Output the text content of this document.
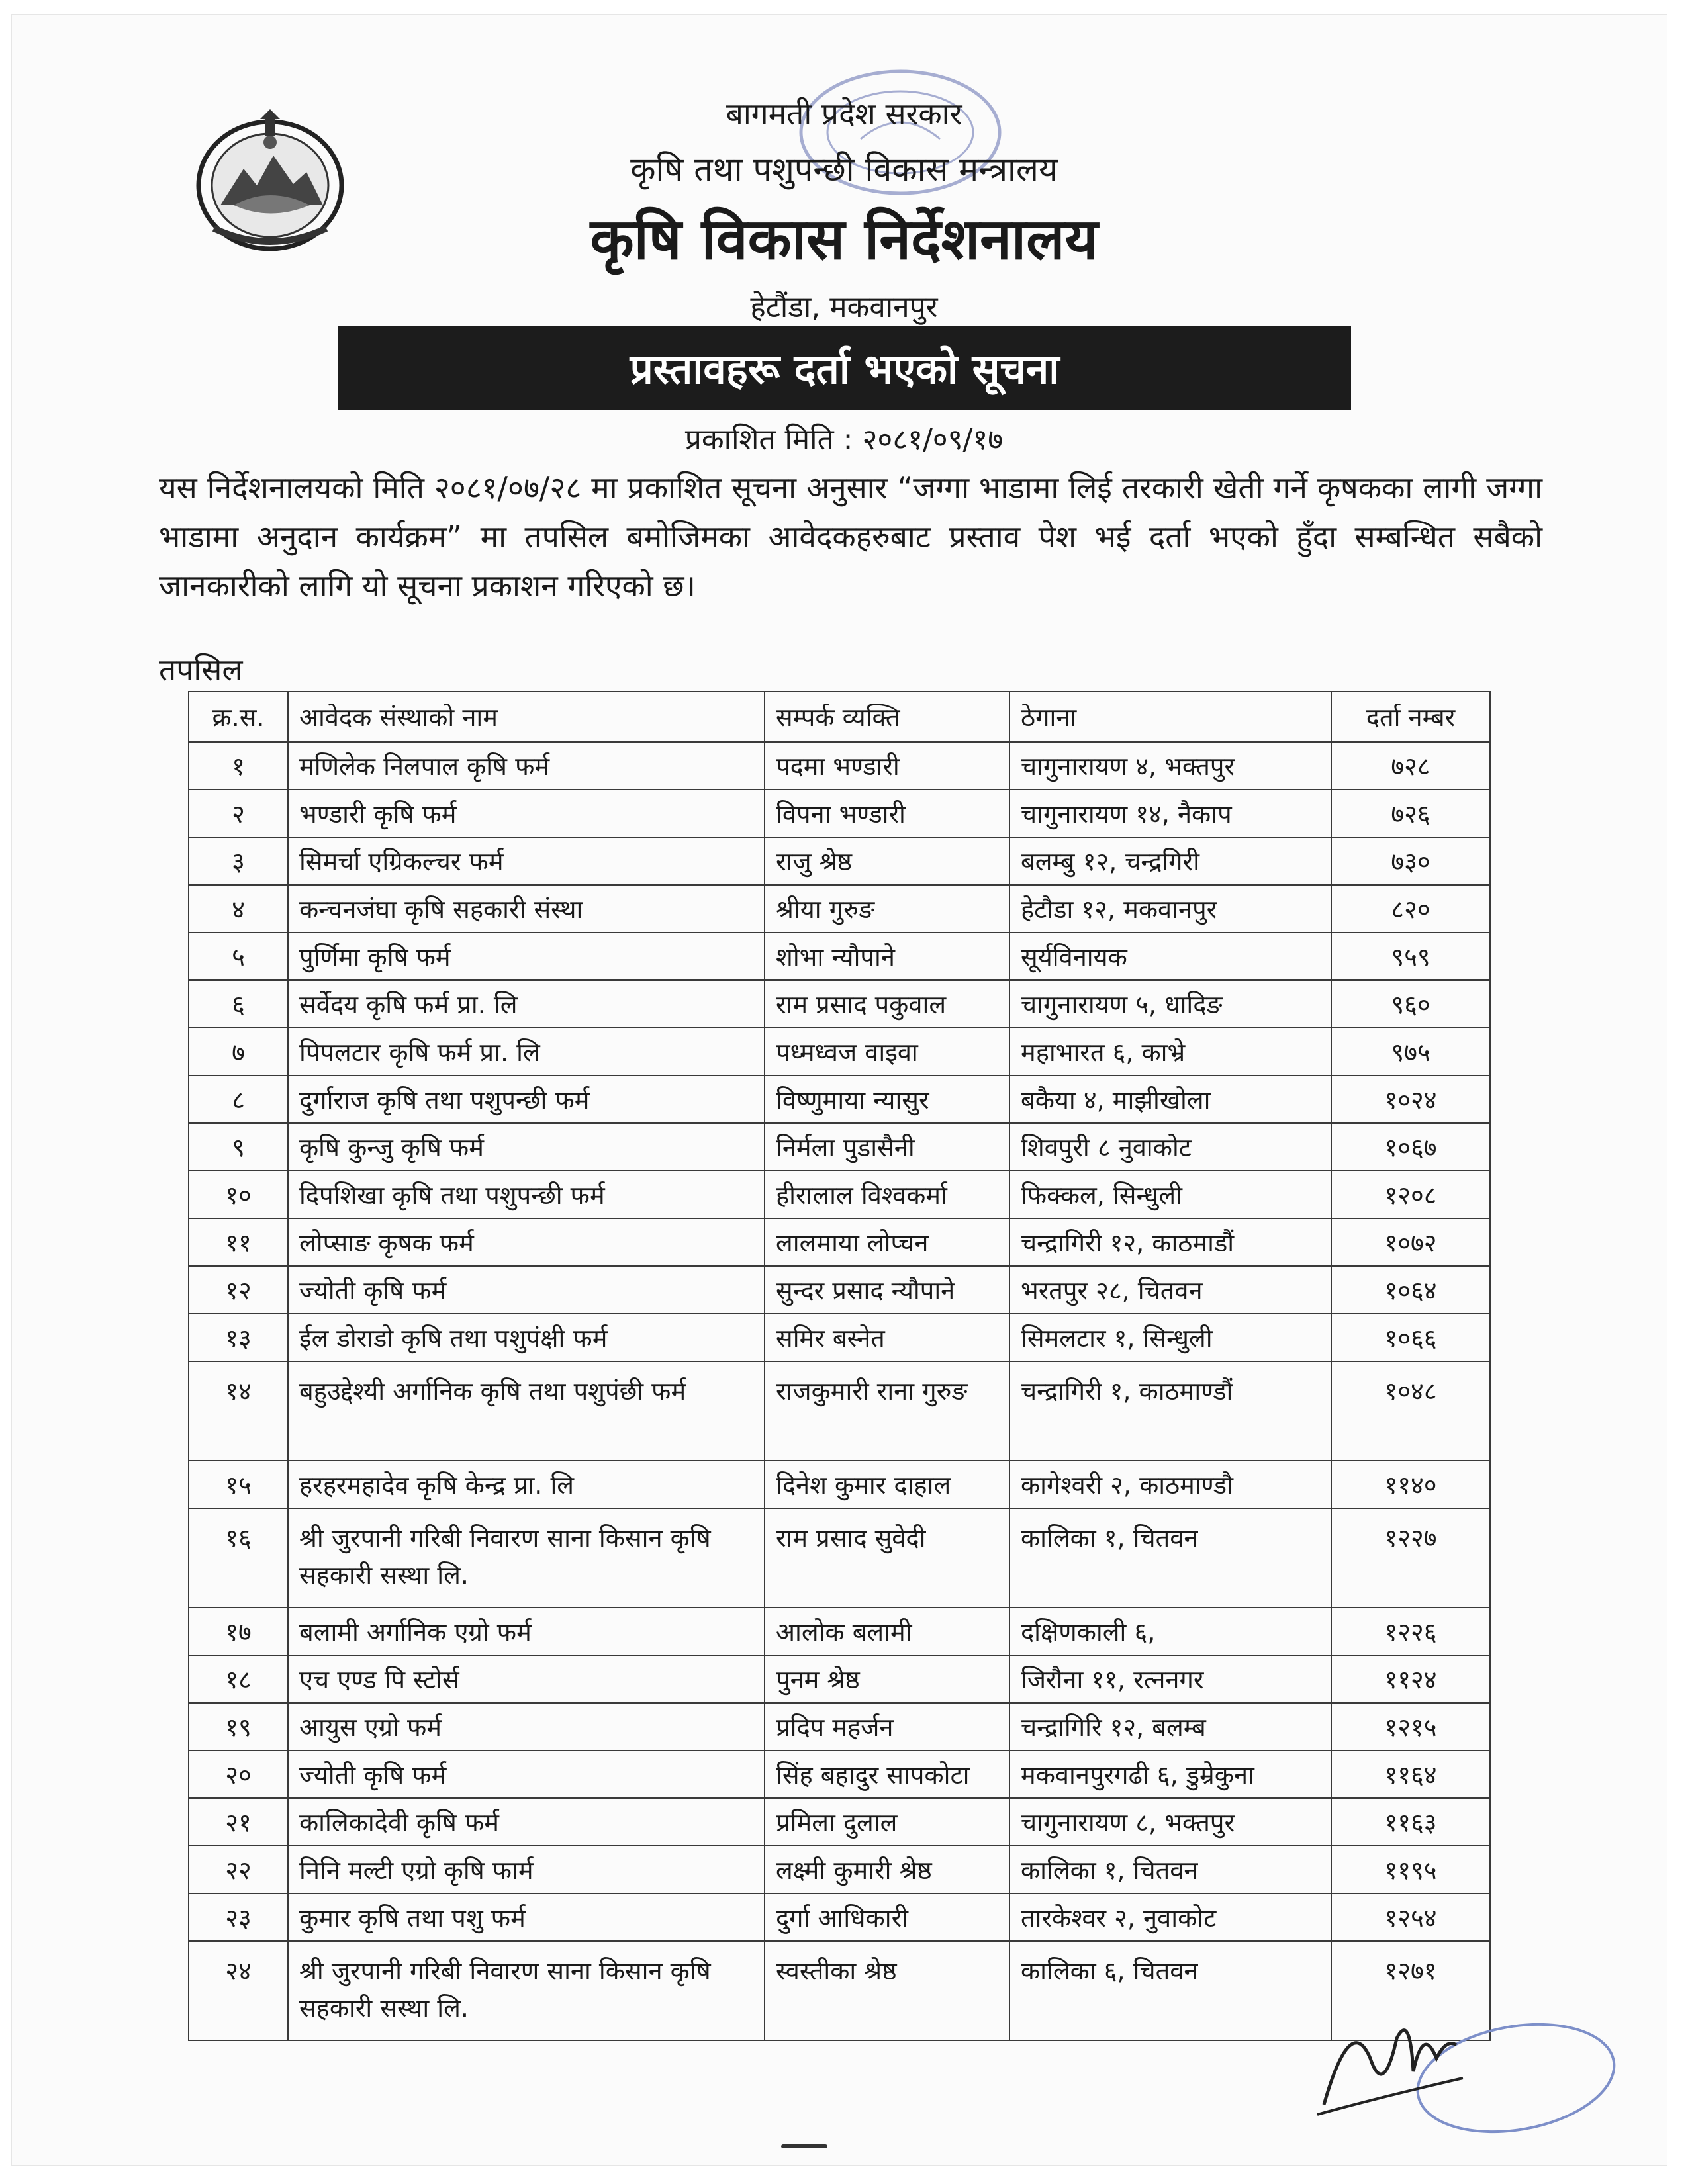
बागमती प्रदेश सरकार
कृषि तथा पशुपन्छी विकास मन्त्रालय
कृषि विकास निर्देशनालय
हेटौंडा, मकवानपुर
प्रस्तावहरू दर्ता भएको सूचना
प्रकाशित मिति : २०८१/०९/१७
यस निर्देशनालयको मिति २०८१/०७/२८ मा प्रकाशित सूचना अनुसार “जग्गा भाडामा लिई तरकारी खेती गर्ने कृषकका लागी जग्गा भाडामा अनुदान कार्यक्रम” मा तपसिल बमोजिमका आवेदकहरुबाट प्रस्ताव पेश भई दर्ता भएको हुँदा सम्बन्धित सबैको जानकारीको लागि यो सूचना प्रकाशन गरिएको छ।
तपसिल
क्र.स.	आवेदक संस्थाको नाम	सम्पर्क व्यक्ति	ठेगाना	दर्ता नम्बर
१	मणिलेक निलपाल कृषि फर्म	पदमा भण्डारी	चागुनारायण ४, भक्तपुर	७२८
२	भण्डारी कृषि फर्म	विपना भण्डारी	चागुनारायण १४, नैकाप	७२६
३	सिमर्चा एग्रिकल्चर फर्म	राजु श्रेष्ठ	बलम्बु १२, चन्द्रगिरी	७३०
४	कन्चनजंघा कृषि सहकारी संस्था	श्रीया गुरुङ	हेटौडा १२, मकवानपुर	८२०
५	पुर्णिमा कृषि फर्म	शोभा न्यौपाने	सूर्यविनायक	९५९
६	सर्वेदय कृषि फर्म प्रा. लि	राम प्रसाद पकुवाल	चागुनारायण ५, धादिङ	९६०
७	पिपलटार कृषि फर्म प्रा. लि	पध्मध्वज वाइवा	महाभारत ६, काभ्रे	९७५
८	दुर्गाराज कृषि तथा पशुपन्छी फर्म	विष्णुमाया न्यासुर	बकैया ४, माझीखोला	१०२४
९	कृषि कुन्जु कृषि फर्म	निर्मला पुडासैनी	शिवपुरी ८ नुवाकोट	१०६७
१०	दिपशिखा कृषि तथा पशुपन्छी फर्म	हीरालाल विश्वकर्मा	फिक्कल, सिन्धुली	१२०८
११	लोप्साङ कृषक फर्म	लालमाया लोप्चन	चन्द्रागिरी १२, काठमाडौं	१०७२
१२	ज्योती कृषि फर्म	सुन्दर प्रसाद न्यौपाने	भरतपुर २८, चितवन	१०६४
१३	ईल डोराडो कृषि तथा पशुपंक्षी फर्म	समिर बस्नेत	सिमलटार १, सिन्धुली	१०६६
१४	बहुउद्देश्यी अर्गानिक कृषि तथा पशुपंछी फर्म	राजकुमारी राना गुरुङ	चन्द्रागिरी १, काठमाण्डौं	१०४८
१५	हरहरमहादेव कृषि केन्द्र प्रा. लि	दिनेश कुमार दाहाल	कागेश्वरी २, काठमाण्डौ	११४०
१६	श्री जुरपानी गरिबी निवारण साना किसान कृषि सहकारी सस्था लि.	राम प्रसाद सुवेदी	कालिका १, चितवन	१२२७
१७	बलामी अर्गानिक एग्रो फर्म	आलोक बलामी	दक्षिणकाली ६,	१२२६
१८	एच एण्ड पि स्टोर्स	पुनम श्रेष्ठ	जिरौना ११, रत्ननगर	११२४
१९	आयुस एग्रो फर्म	प्रदिप महर्जन	चन्द्रागिरि १२, बलम्ब	१२१५
२०	ज्योती कृषि फर्म	सिंह बहादुर सापकोटा	मकवानपुरगढी ६, डुम्रेकुना	११६४
२१	कालिकादेवी कृषि फर्म	प्रमिला दुलाल	चागुनारायण ८, भक्तपुर	११६३
२२	निनि मल्टी एग्रो कृषि फार्म	लक्ष्मी कुमारी श्रेष्ठ	कालिका १, चितवन	११९५
२३	कुमार कृषि तथा पशु फर्म	दुर्गा आधिकारी	तारकेश्वर २, नुवाकोट	१२५४
२४	श्री जुरपानी गरिबी निवारण साना किसान कृषि सहकारी सस्था लि.	स्वस्तीका श्रेष्ठ	कालिका ६, चितवन	१२७१
